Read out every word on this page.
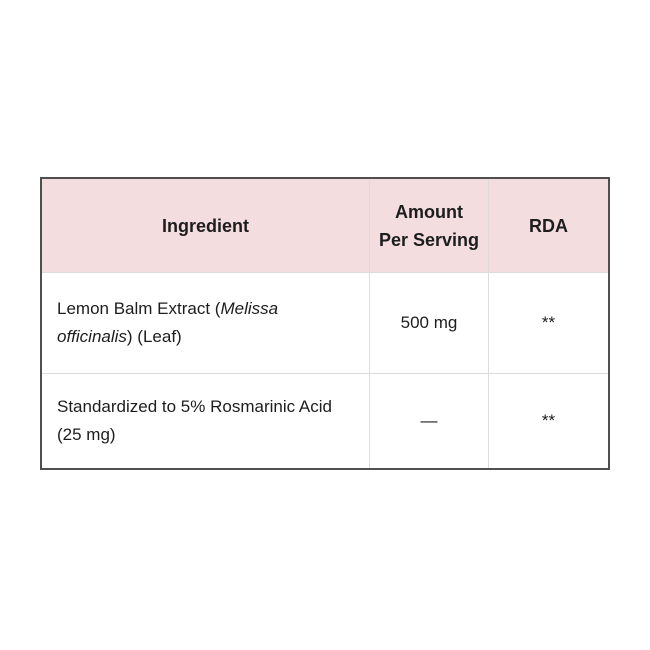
Ingredient
Amount
Per Serving
RDA
Lemon Balm Extract (Melissa
officinalis) (Leaf)
500 mg	**
Standardized to 5% Rosmarinic Acid
(25 mg)
—	**
